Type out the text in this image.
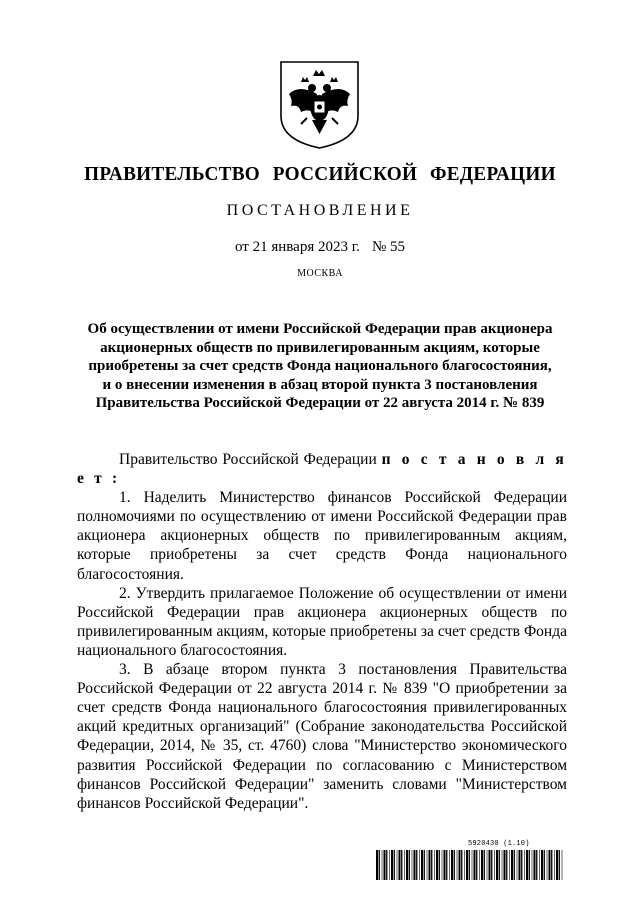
ПРАВИТЕЛЬСТВО РОССИЙСКОЙ ФЕДЕРАЦИИ
ПОСТАНОВЛЕНИЕ
от 21 января 2023 г. № 55
МОСКВА
Об осуществлении от имени Российской Федерации прав акционера
акционерных обществ по привилегированным акциям, которые
приобретены за счет средств Фонда национального благосостояния,
и о внесении изменения в абзац второй пункта 3 постановления
Правительства Российской Федерации от 22 августа 2014 г. № 839

Правительство Российской Федерации п о с т а н о в л я е т :

1. Наделить Министерство финансов Российской Федерации полномочиями по осуществлению от имени Российской Федерации прав акционера акционерных обществ по привилегированным акциям, которые приобретены за счет средств Фонда национального благосостояния.

2. Утвердить прилагаемое Положение об осуществлении от имени Российской Федерации прав акционера акционерных обществ по привилегированным акциям, которые приобретены за счет средств Фонда национального благосостояния.

3. В абзаце втором пункта 3 постановления Правительства Российской Федерации от 22 августа 2014 г. № 839 "О приобретении за счет средств Фонда национального благосостояния привилегированных акций кредитных организаций" (Собрание законодательства Российской Федерации, 2014, № 35, ст. 4760) слова "Министерство экономического развития Российской Федерации по согласованию с Министерством финансов Российской Федерации" заменить словами "Министерством финансов Российской Федерации".

5920430 (1.10)
